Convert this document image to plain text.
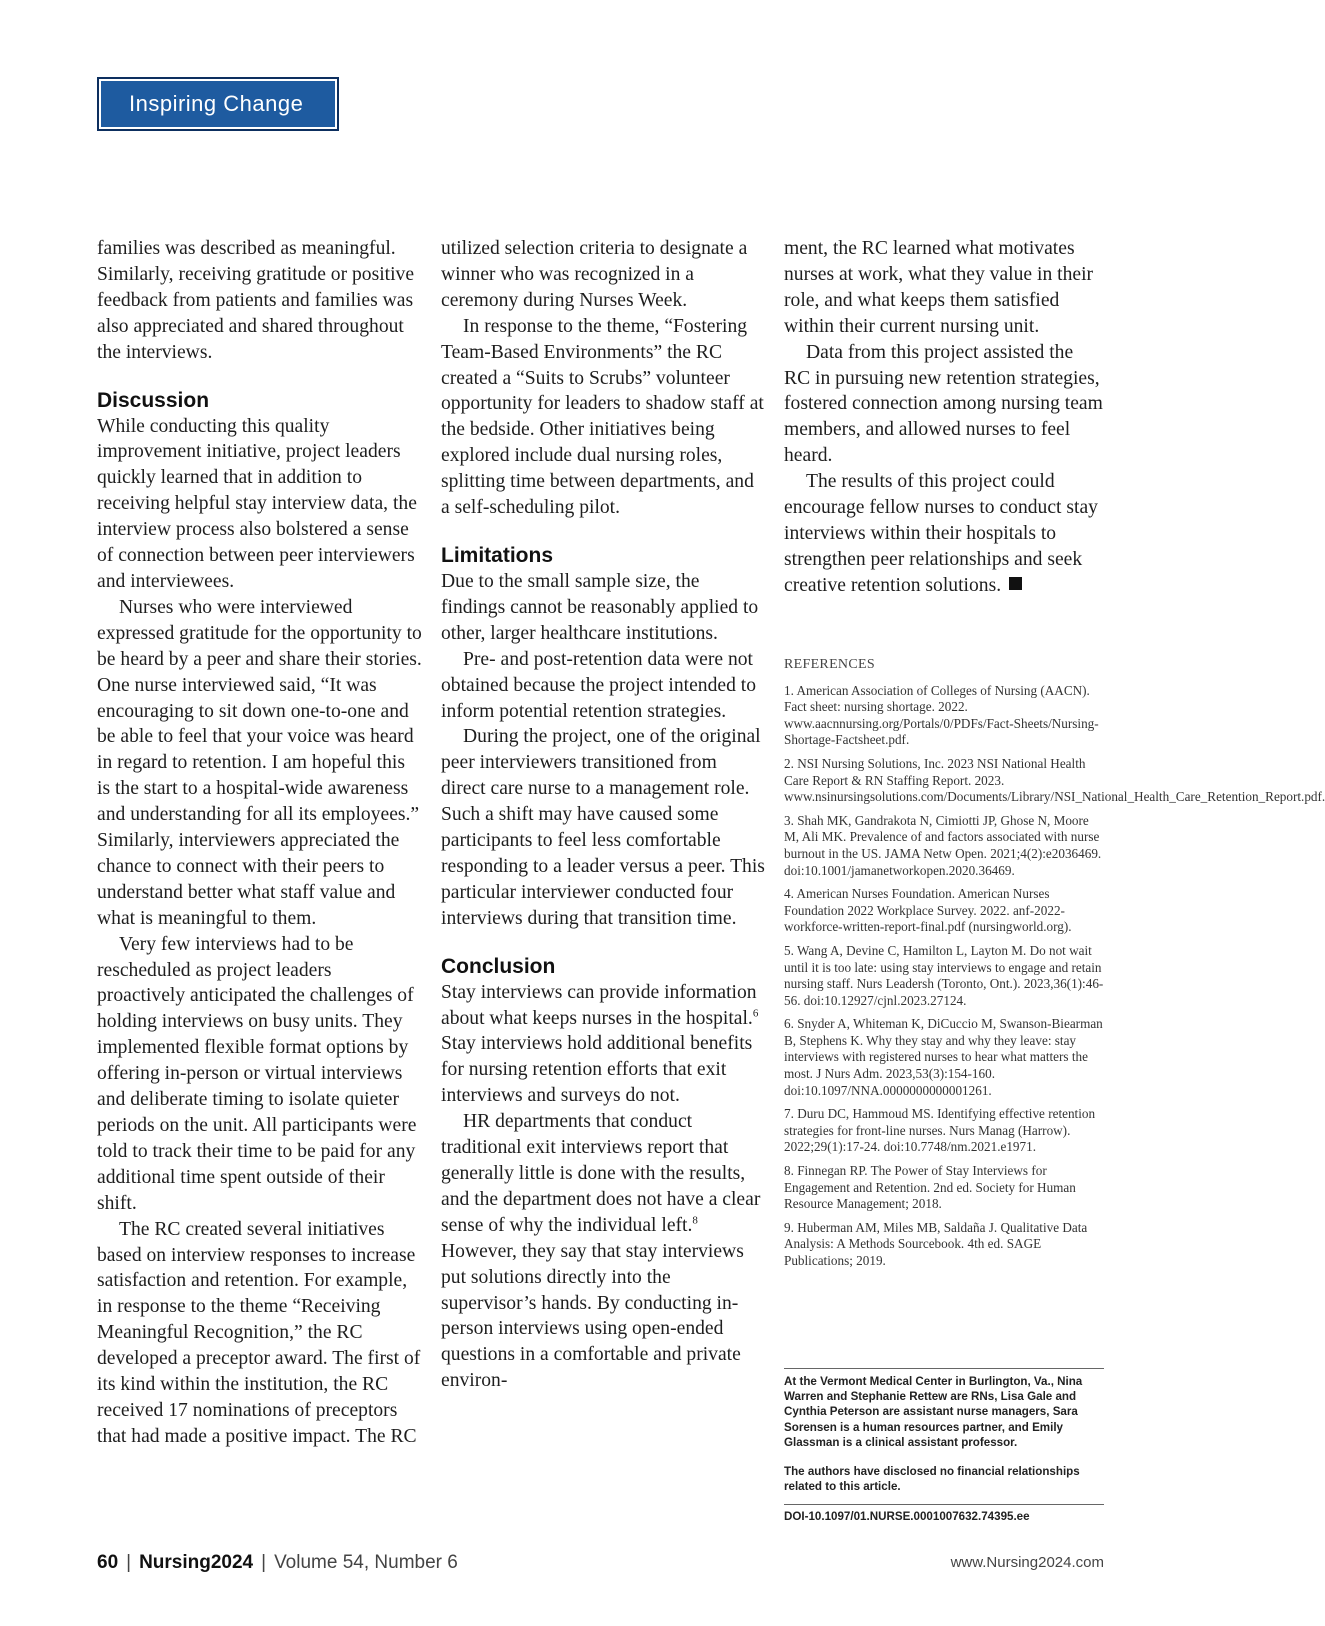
Inspiring Change

families was described as meaningful. Similarly, receiving gratitude or positive feedback from patients and families was also appreciated and shared throughout the interviews.

Discussion

While conducting this quality improvement initiative, project leaders quickly learned that in addition to receiving helpful stay interview data, the interview process also bolstered a sense of connection between peer interviewers and interviewees.

Nurses who were interviewed expressed gratitude for the opportunity to be heard by a peer and share their stories. One nurse interviewed said, “It was encouraging to sit down one-to-one and be able to feel that your voice was heard in regard to retention. I am hopeful this is the start to a hospital-wide awareness and understanding for all its employees.” Similarly, interviewers appreciated the chance to connect with their peers to understand better what staff value and what is meaningful to them.

Very few interviews had to be rescheduled as project leaders proactively anticipated the challenges of holding interviews on busy units. They implemented flexible format options by offering in-person or virtual interviews and deliberate timing to isolate quieter periods on the unit. All participants were told to track their time to be paid for any additional time spent outside of their shift.

The RC created several initiatives based on interview responses to increase satisfaction and retention. For example, in response to the theme “Receiving Meaningful Recognition,” the RC developed a preceptor award. The first of its kind within the institution, the RC received 17 nominations of preceptors that had made a positive impact. The RC

utilized selection criteria to designate a winner who was recognized in a ceremony during Nurses Week.

In response to the theme, “Fostering Team-Based Environments” the RC created a “Suits to Scrubs” volunteer opportunity for leaders to shadow staff at the bedside. Other initiatives being explored include dual nursing roles, splitting time between departments, and a self-scheduling pilot.

Limitations

Due to the small sample size, the findings cannot be reasonably applied to other, larger healthcare institutions.

Pre- and post-retention data were not obtained because the project intended to inform potential retention strategies.

During the project, one of the original peer interviewers transitioned from direct care nurse to a management role. Such a shift may have caused some participants to feel less comfortable responding to a leader versus a peer. This particular interviewer conducted four interviews during that transition time.

Conclusion

Stay interviews can provide information about what keeps nurses in the hospital.$^6$ Stay interviews hold additional benefits for nursing retention efforts that exit interviews and surveys do not.

HR departments that conduct traditional exit interviews report that generally little is done with the results, and the department does not have a clear sense of why the individual left.$^8$ However, they say that stay interviews put solutions directly into the supervisor’s hands. By conducting in-person interviews using open-ended questions in a comfortable and private environ-

ment, the RC learned what motivates nurses at work, what they value in their role, and what keeps them satisfied within their current nursing unit.

Data from this project assisted the RC in pursuing new retention strategies, fostered connection among nursing team members, and allowed nurses to feel heard.

The results of this project could encourage fellow nurses to conduct stay interviews within their hospitals to strengthen peer relationships and seek creative retention solutions.

REFERENCES

1. American Association of Colleges of Nursing (AACN). Fact sheet: nursing shortage. 2022. www.aacnnursing.org/Portals/0/PDFs/Fact-Sheets/Nursing-Shortage-Factsheet.pdf.

2. NSI Nursing Solutions, Inc. 2023 NSI National Health Care Report & RN Staffing Report. 2023. www.nsinursingsolutions.com/Documents/Library/NSI_National_Health_Care_Retention_Report.pdf.

3. Shah MK, Gandrakota N, Cimiotti JP, Ghose N, Moore M, Ali MK. Prevalence of and factors associated with nurse burnout in the US. JAMA Netw Open. 2021;4(2):e2036469. doi:10.1001/jamanetworkopen.2020.36469.

4. American Nurses Foundation. American Nurses Foundation 2022 Workplace Survey. 2022. anf-2022-workforce-written-report-final.pdf (nursingworld.org).

5. Wang A, Devine C, Hamilton L, Layton M. Do not wait until it is too late: using stay interviews to engage and retain nursing staff. Nurs Leadersh (Toronto, Ont.). 2023,36(1):46-56. doi:10.12927/cjnl.2023.27124.

6. Snyder A, Whiteman K, DiCuccio M, Swanson-Biearman B, Stephens K. Why they stay and why they leave: stay interviews with registered nurses to hear what matters the most. J Nurs Adm. 2023,53(3):154-160. doi:10.1097/NNA.0000000000001261.

7. Duru DC, Hammoud MS. Identifying effective retention strategies for front-line nurses. Nurs Manag (Harrow). 2022;29(1):17-24. doi:10.7748/nm.2021.e1971.

8. Finnegan RP. The Power of Stay Interviews for Engagement and Retention. 2nd ed. Society for Human Resource Management; 2018.

9. Huberman AM, Miles MB, Saldaña J. Qualitative Data Analysis: A Methods Sourcebook. 4th ed. SAGE Publications; 2019.

At the Vermont Medical Center in Burlington, Va., Nina Warren and Stephanie Rettew are RNs, Lisa Gale and Cynthia Peterson are assistant nurse managers, Sara Sorensen is a human resources partner, and Emily Glassman is a clinical assistant professor.

The authors have disclosed no financial relationships related to this article.

DOI-10.1097/01.NURSE.0001007632.74395.ee
60 | Nursing2024 | Volume 54, Number 6	www.Nursing2024.com
